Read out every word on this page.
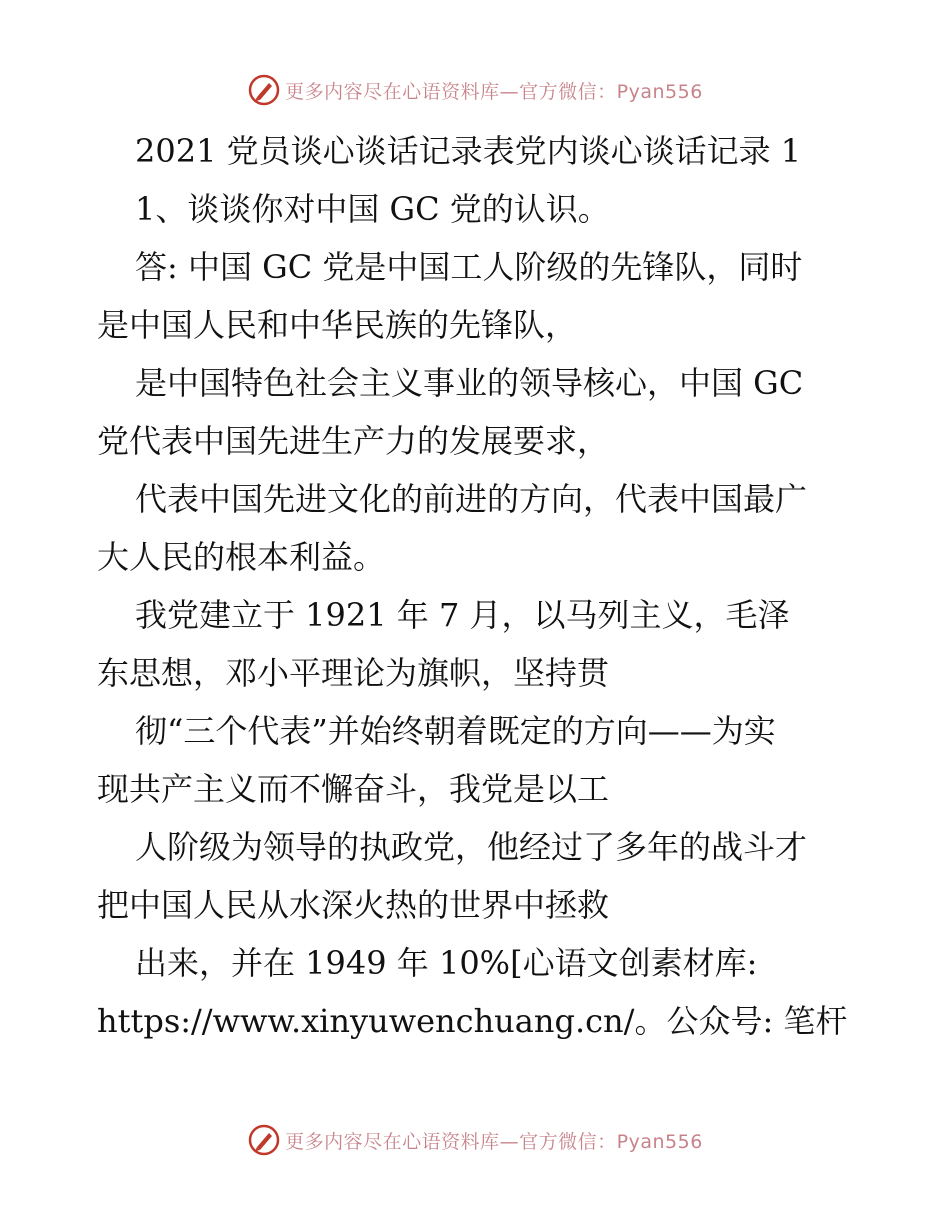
更多内容尽在心语资料库—官方微信：Pyan556
2021 党员谈心谈话记录表党内谈心谈话记录 1
1、谈谈你对中国 GC 党的认识。
答: 中国 GC 党是中国工人阶级的先锋队，同时
是中国人民和中华民族的先锋队，
是中国特色社会主义事业的领导核心，中国 GC
党代表中国先进生产力的发展要求，
代表中国先进文化的前进的方向，代表中国最广
大人民的根本利益。
我党建立于 1921 年 7 月，以马列主义，毛泽
东思想，邓小平理论为旗帜，坚持贯
彻“三个代表”并始终朝着既定的方向——为实
现共产主义而不懈奋斗，我党是以工
人阶级为领导的执政党，他经过了多年的战斗才
把中国人民从水深火热的世界中拯救
出来，并在 1949 年 10%[心语文创素材库:
https://www.xinyuwenchuang.cn/。公众号: 笔杆
更多内容尽在心语资料库—官方微信：Pyan556
